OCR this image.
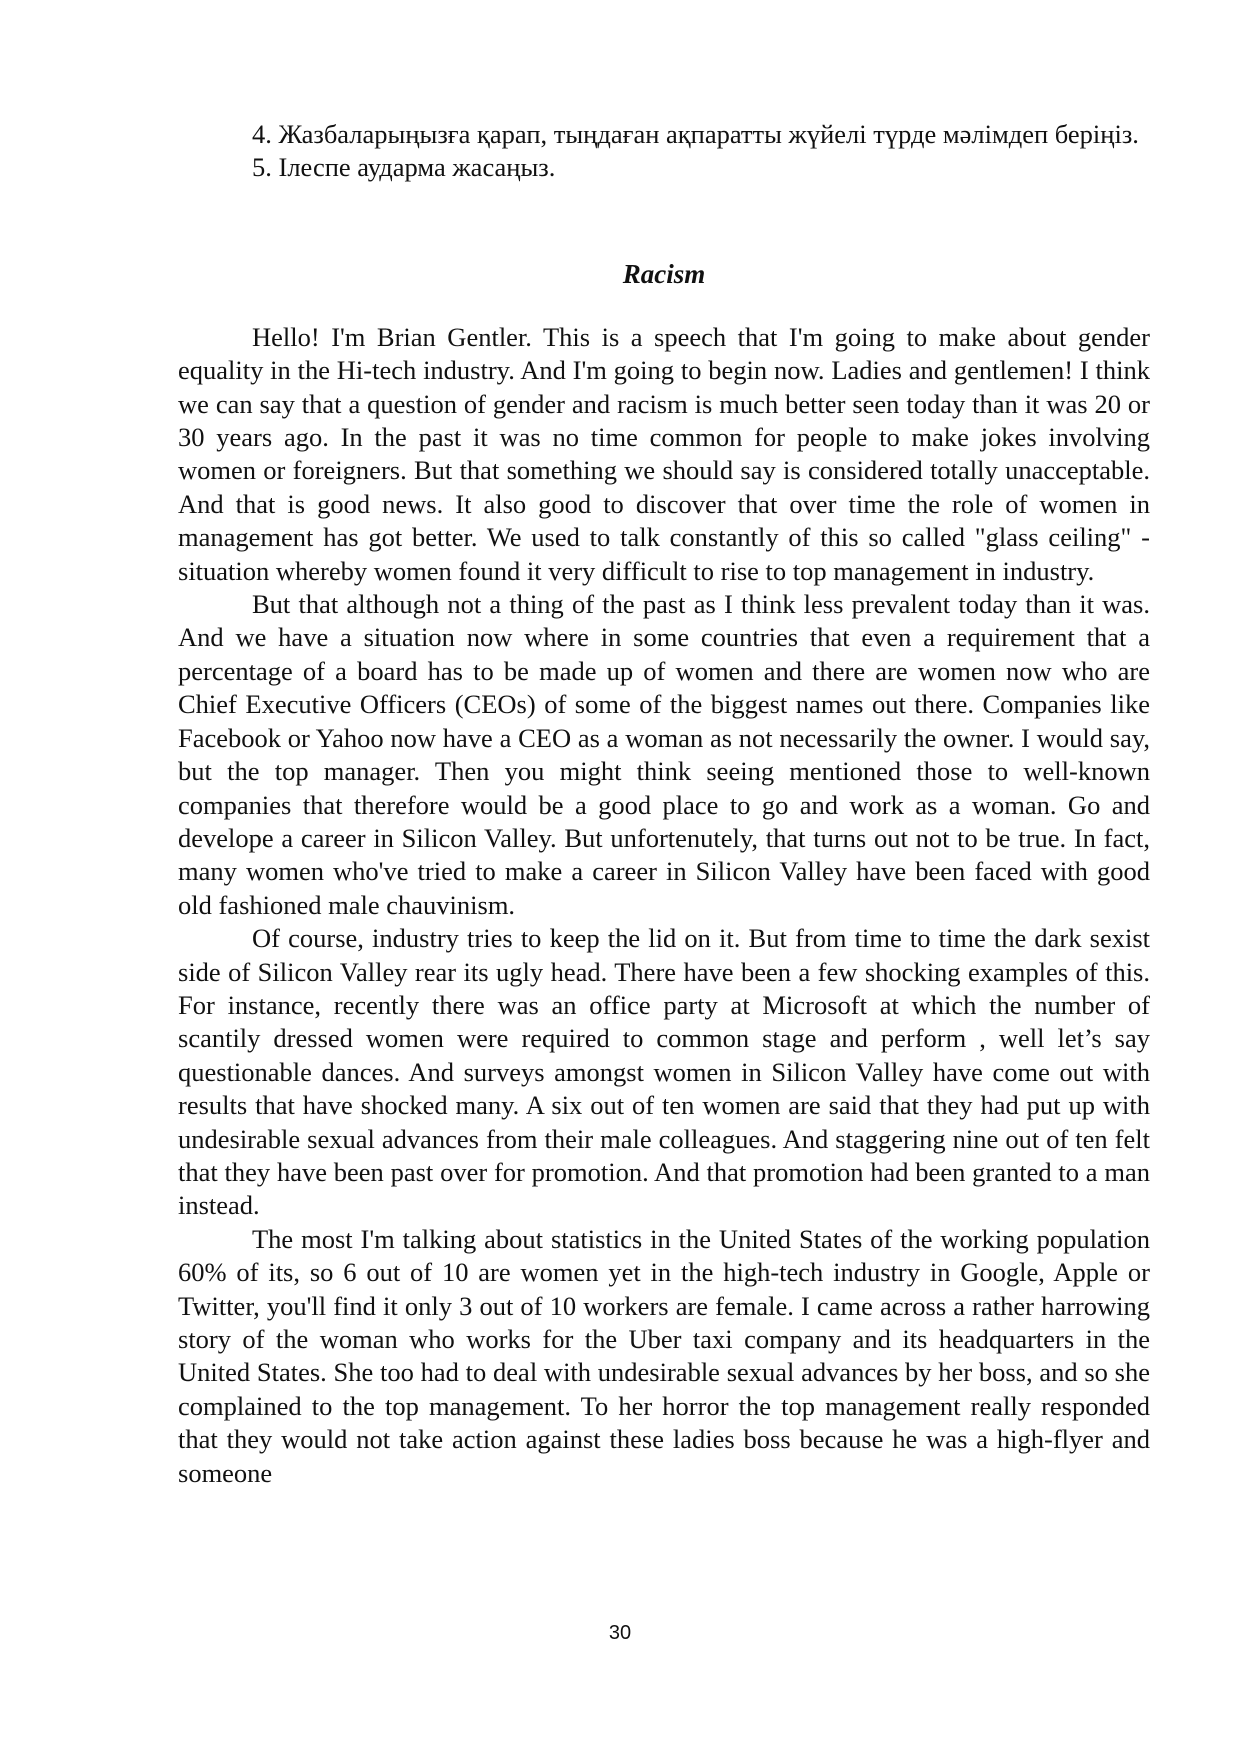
4. Жазбаларыңызға қарап, тыңдаған ақпаратты жүйелі түрде мәлімдеп беріңіз.

5. Ілеспе аударма жасаңыз.

Racism

Hello! I'm Brian Gentler. This is a speech that I'm going to make about gender equality in the Hi-tech industry. And I'm going to begin now. Ladies and gentlemen! I think we can say that a question of gender and racism is much better seen today than it was 20 or 30 years ago. In the past it was no time common for people to make jokes involving women or foreigners. But that something we should say is considered totally unacceptable. And that is good news. It also good to discover that over time the role of women in management has got better. We used to talk constantly of this so called "glass ceiling" - situation whereby women found it very difficult to rise to top management in industry.

But that although not a thing of the past as I think less prevalent today than it was. And we have a situation now where in some countries that even a requirement that a percentage of a board has to be made up of women and there are women now who are Chief Executive Officers (CEOs) of some of the biggest names out there. Companies like Facebook or Yahoo now have a CEO as a woman as not necessarily the owner. I would say, but the top manager. Then you might think seeing mentioned those to well-known companies that therefore would be a good place to go and work as a woman. Go and develope a career in Silicon Valley. But unfortenutely, that turns out not to be true. In fact, many women who've tried to make a career in Silicon Valley have been faced with good old fashioned male chauvinism.

Of course, industry tries to keep the lid on it. But from time to time the dark sexist side of Silicon Valley rear its ugly head. There have been a few shocking examples of this. For instance, recently there was an office party at Microsoft at which the number of scantily dressed women were required to common stage and perform , well let’s say questionable dances. And surveys amongst women in Silicon Valley have come out with results that have shocked many. A six out of ten women are said that they had put up with undesirable sexual advances from their male colleagues. And staggering nine out of ten felt that they have been past over for promotion. And that promotion had been granted to a man instead.

The most I'm talking about statistics in the United States of the working population 60% of its, so 6 out of 10 are women yet in the high-tech industry in Google, Apple or Twitter, you'll find it only 3 out of 10 workers are female. I came across a rather harrowing story of the woman who works for the Uber taxi company and its headquarters in the United States. She too had to deal with undesirable sexual advances by her boss, and so she complained to the top management. To her horror the top management really responded that they would not take action against these ladies boss because he was a high-flyer and someone

30
